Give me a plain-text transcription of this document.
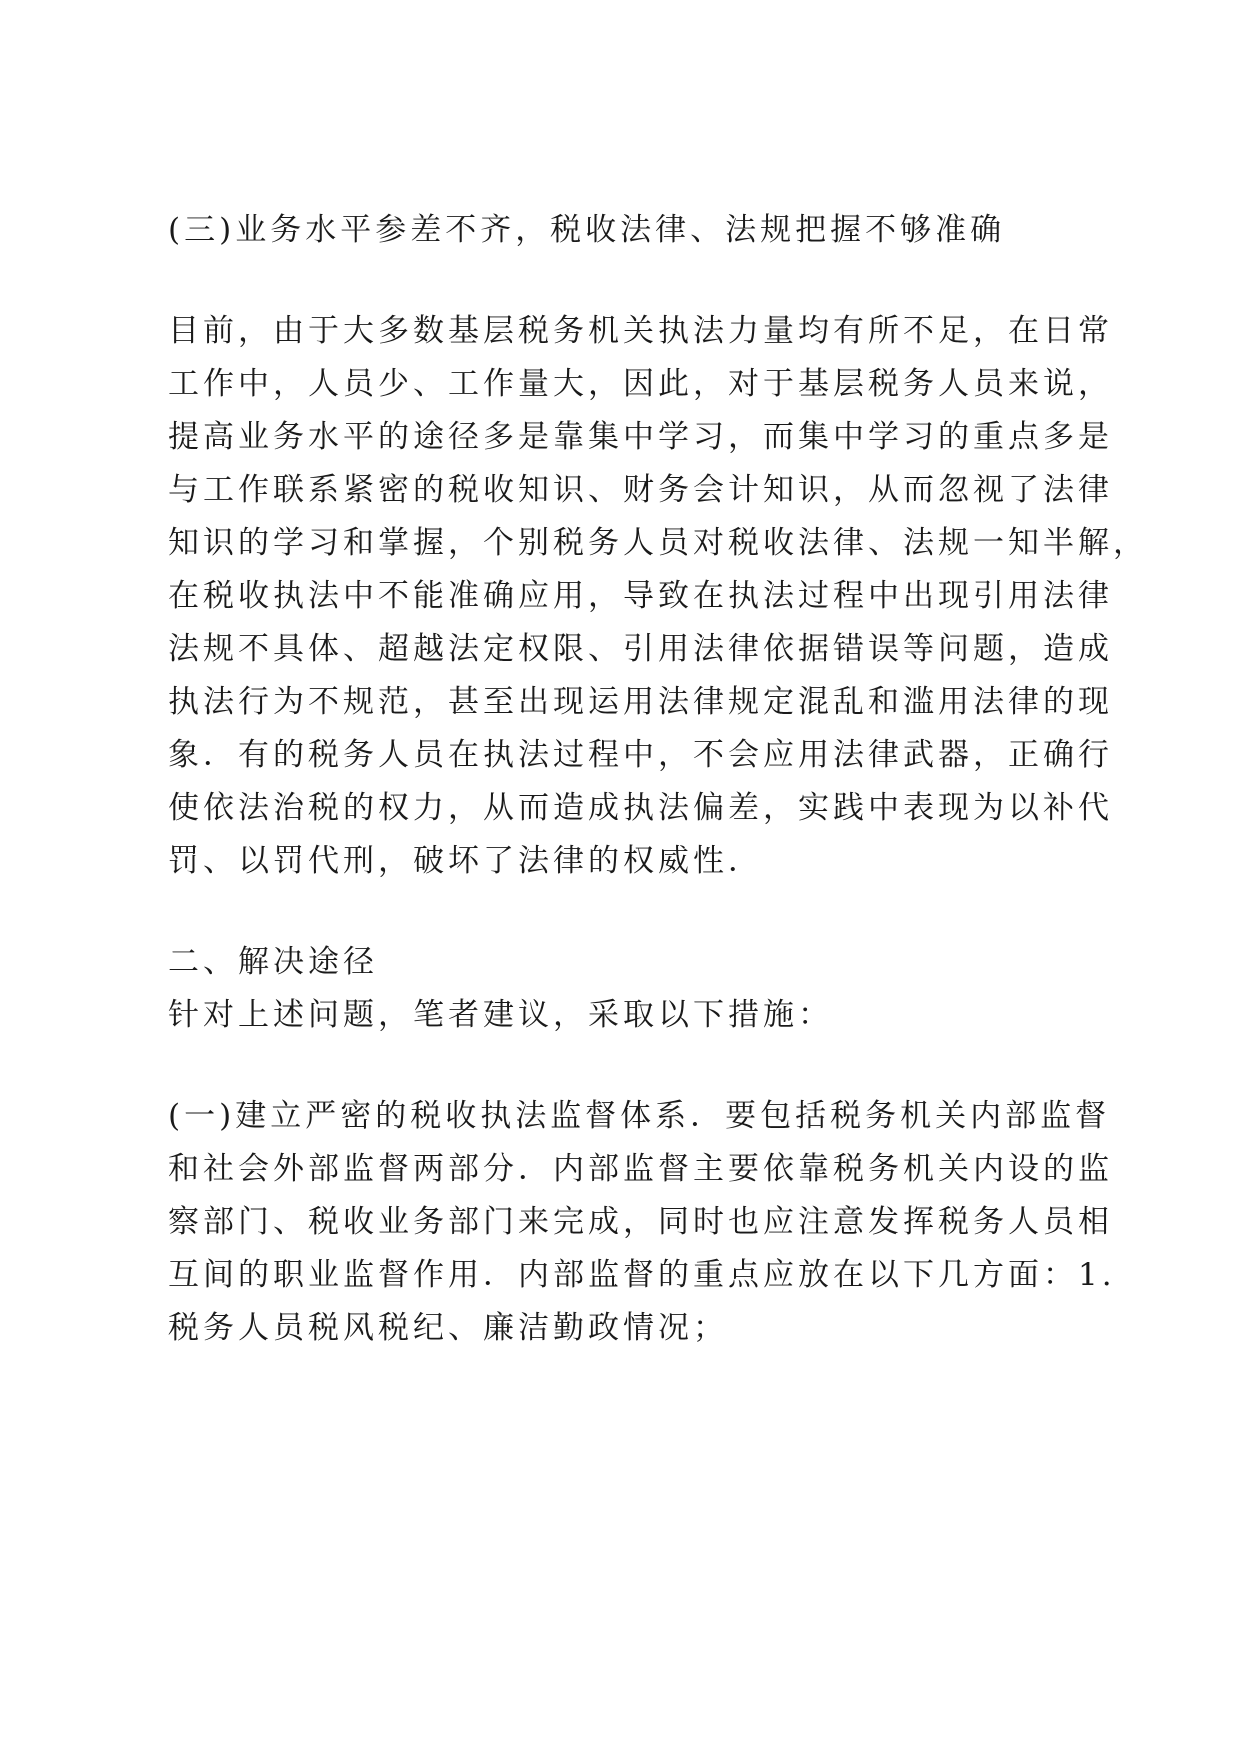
(三)业务水平参差不齐，税收法律、法规把握不够准确
目前，由于大多数基层税务机关执法力量均有所不足，在日常
工作中，人员少、工作量大，因此，对于基层税务人员来说，
提高业务水平的途径多是靠集中学习，而集中学习的重点多是
与工作联系紧密的税收知识、财务会计知识，从而忽视了法律
知识的学习和掌握，个别税务人员对税收法律、法规一知半解，
在税收执法中不能准确应用，导致在执法过程中出现引用法律
法规不具体、超越法定权限、引用法律依据错误等问题，造成
执法行为不规范，甚至出现运用法律规定混乱和滥用法律的现
象．有的税务人员在执法过程中，不会应用法律武器，正确行
使依法治税的权力，从而造成执法偏差，实践中表现为以补代
罚、以罚代刑，破坏了法律的权威性．
二、解决途径
针对上述问题，笔者建议，采取以下措施：
(一)建立严密的税收执法监督体系．要包括税务机关内部监督
和社会外部监督两部分．内部监督主要依靠税务机关内设的监
察部门、税收业务部门来完成，同时也应注意发挥税务人员相
互间的职业监督作用．内部监督的重点应放在以下几方面：1.
税务人员税风税纪、廉洁勤政情况；
